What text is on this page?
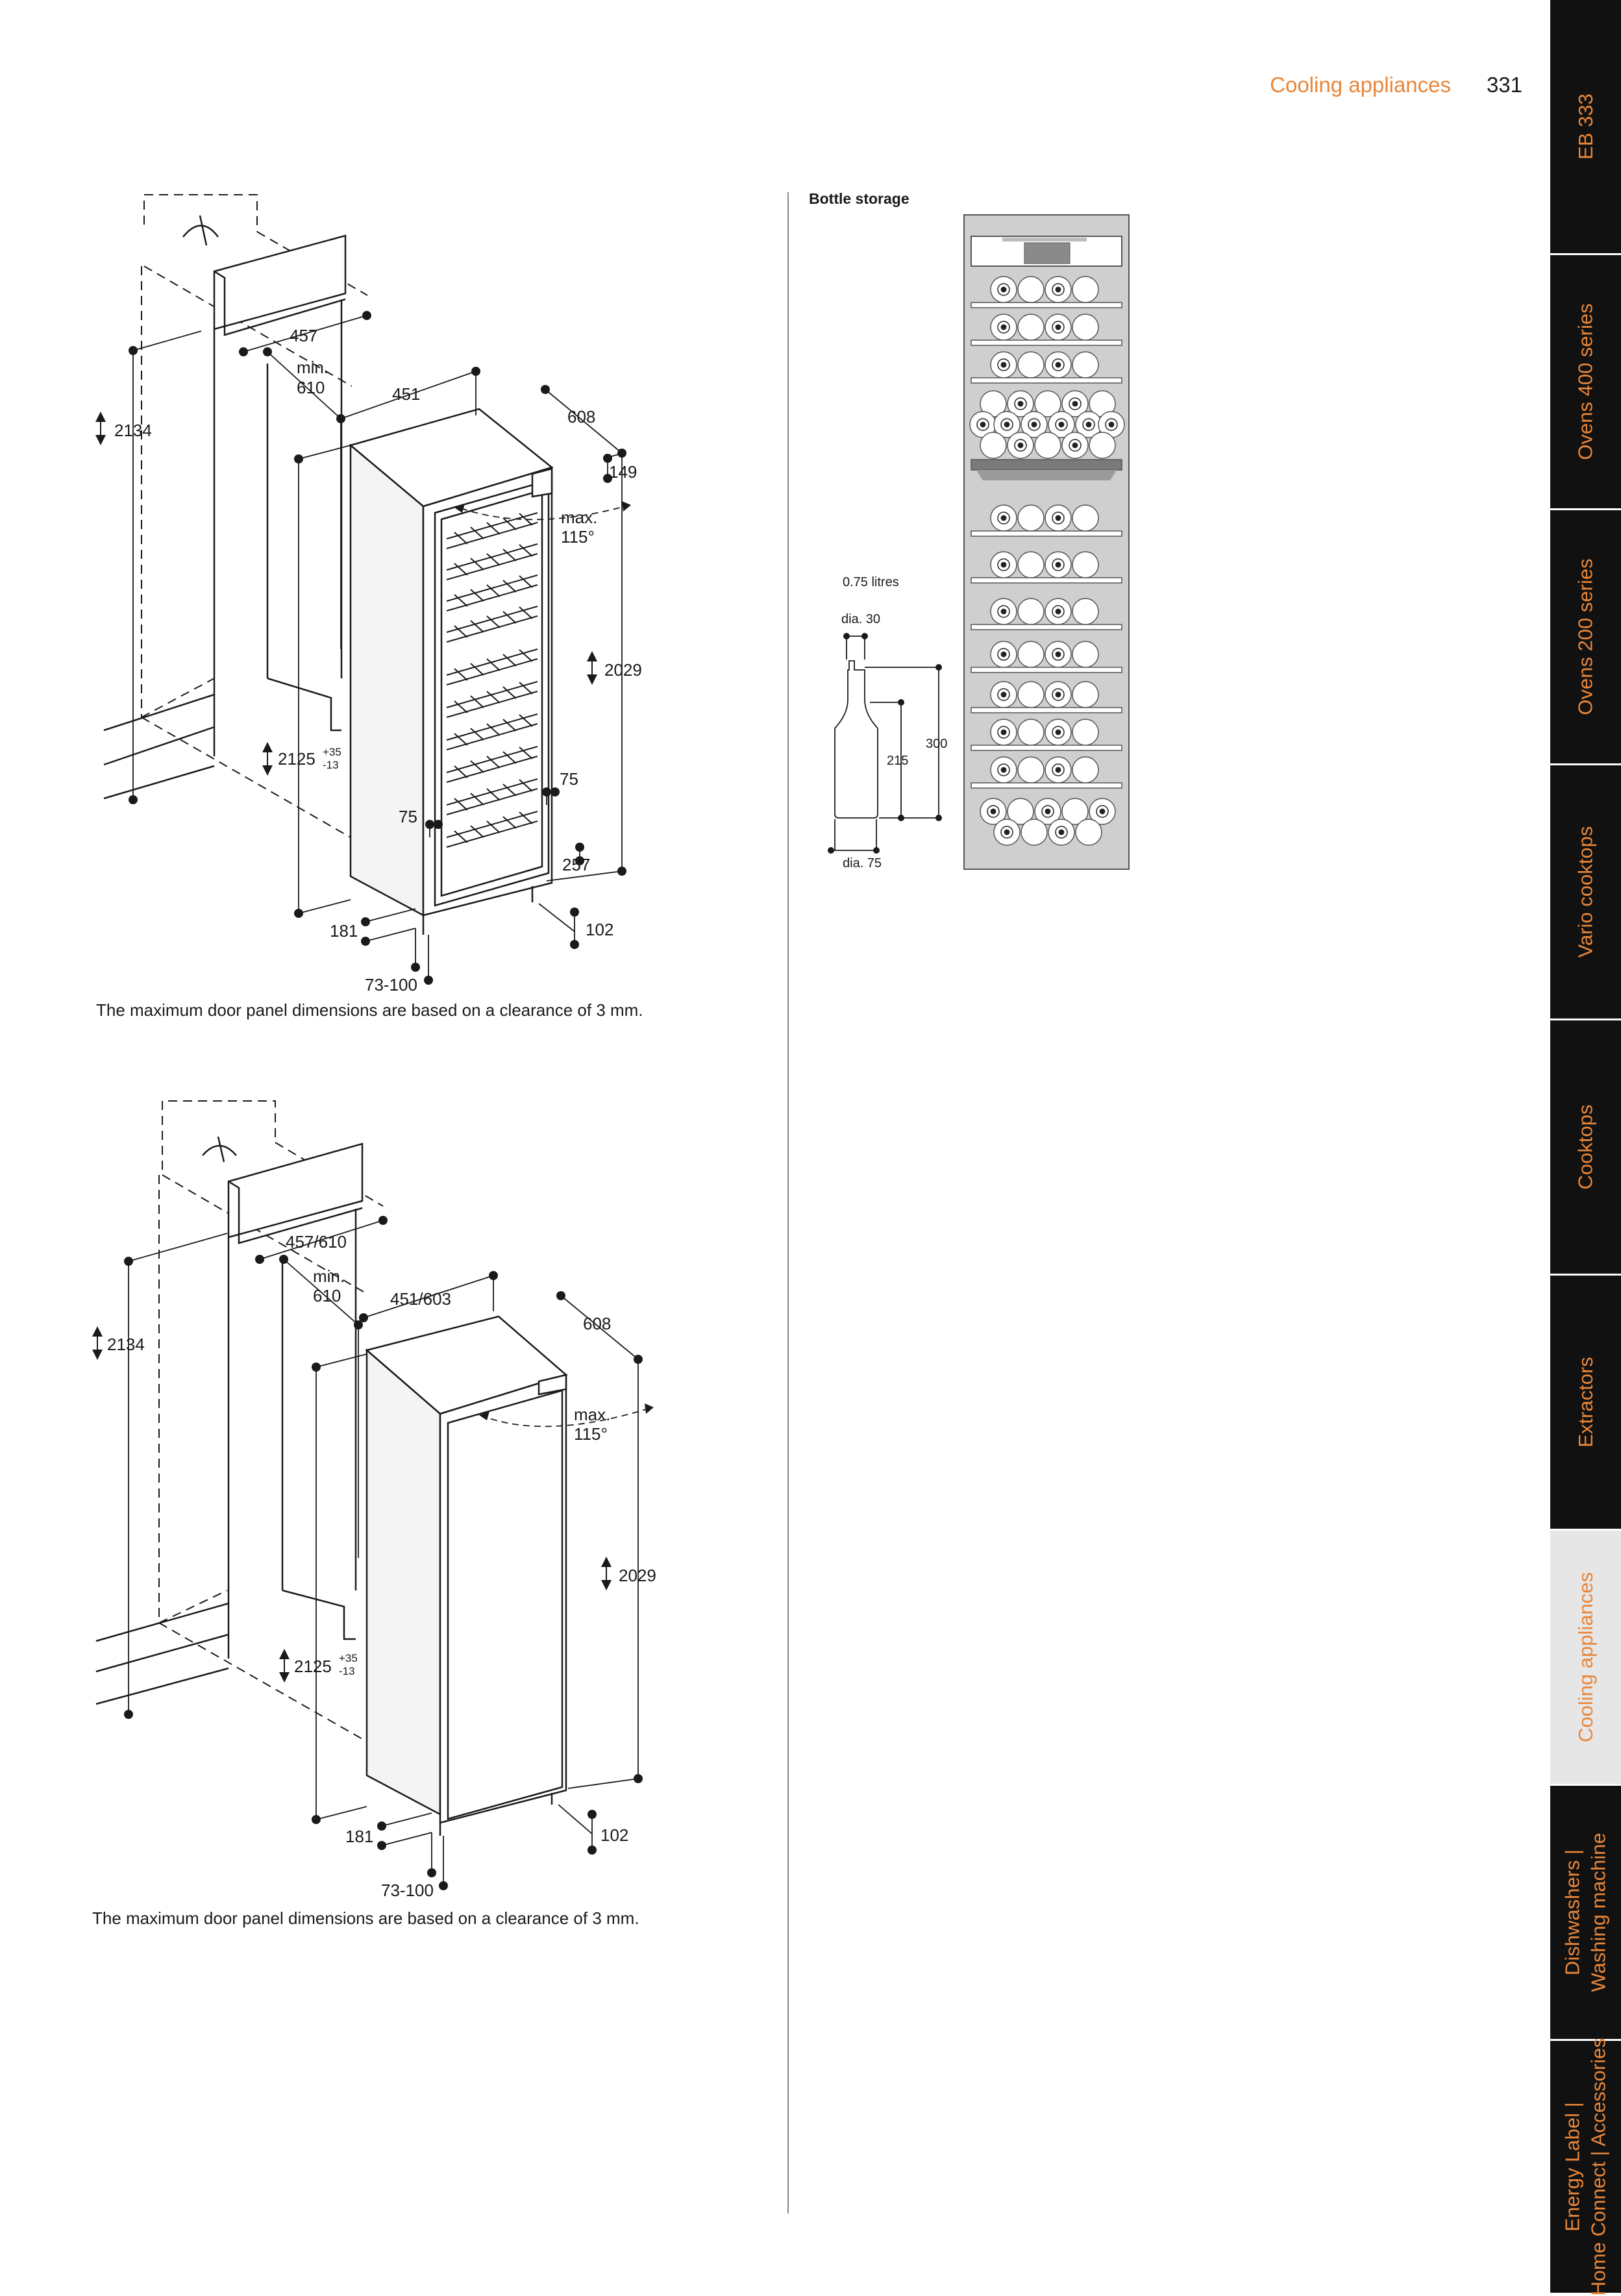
Cooling appliances 331
EB 333
Ovens 400 series
Ovens 200 series
Vario cooktops
Cooktops
Extractors
Cooling appliances
Dishwashers | Washing machine
Energy Label | Home Connect | Accessories
2134
457
min.
610	451
608
149
max.
115°
2029
2125 +35
-13
75
75
257
181	102
73-100
The maximum door panel dimensions are based on a clearance of 3 mm.
2134
457/610
min.
610	451/603
608
max.
115°
2029
2125 +35
-13
181	102
73-100
The maximum door panel dimensions are based on a clearance of 3 mm.
Bottle storage
0.75 litres
dia. 30
dia. 75
300
215
